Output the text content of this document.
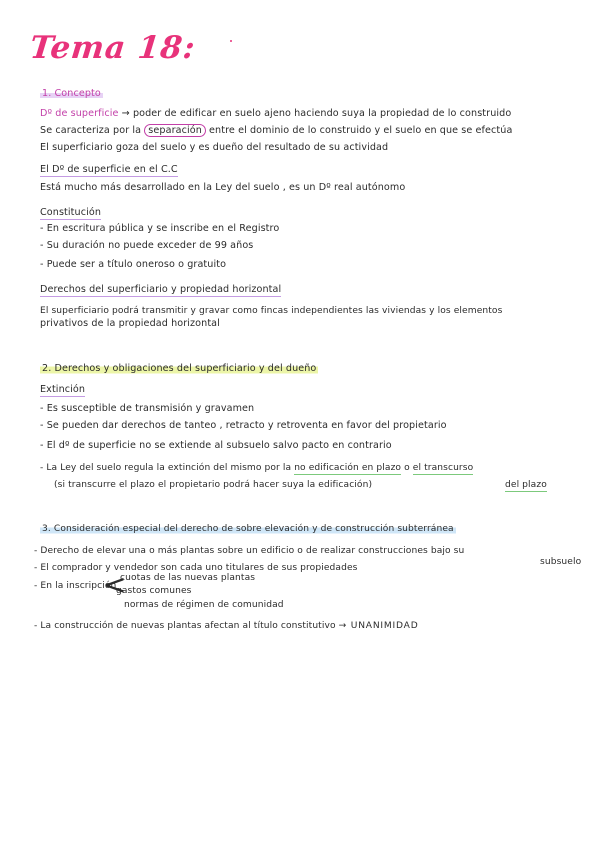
Tema 18:
1. Concepto
Dº de superficie → poder de edificar en suelo ajeno haciendo suya la propiedad de lo construido
Se caracteriza por la separación entre el dominio de lo construido y el suelo en que se efectúa
El superficiario goza del suelo y es dueño del resultado de su actividad
El Dº de superficie en el C.C
Está mucho más desarrollado en la Ley del suelo , es un Dº real autónomo
Constitución
- En escritura pública y se inscribe en el Registro
- Su duración no puede exceder de 99 años
- Puede ser a título oneroso o gratuito
Derechos del superficiario y propiedad horizontal
El superficiario podrá transmitir y gravar como fincas independientes las viviendas y los elementos
privativos de la propiedad horizontal
2. Derechos y obligaciones del superficiario y del dueño
Extinción
- Es susceptible de transmisión y gravamen
- Se pueden dar derechos de tanteo , retracto y retroventa en favor del propietario
- El dº de superficie no se extiende al subsuelo salvo pacto en contrario
- La Ley del suelo regula la extinción del mismo por la no edificación en plazo o el transcurso
(si transcurre el plazo el propietario podrá hacer suya la edificación)	del plazo
3. Consideración especial del derecho de sobre elevación y de construcción subterránea
- Derecho de elevar una o más plantas sobre un edificio o de realizar construcciones bajo su
subsuelo
- El comprador y vendedor son cada uno titulares de sus propiedades
- En la inscripción
<
cuotas de las nuevas plantas
gastos comunes
normas de régimen de comunidad
- La construcción de nuevas plantas afectan al título constitutivo → UNANIMIDAD
